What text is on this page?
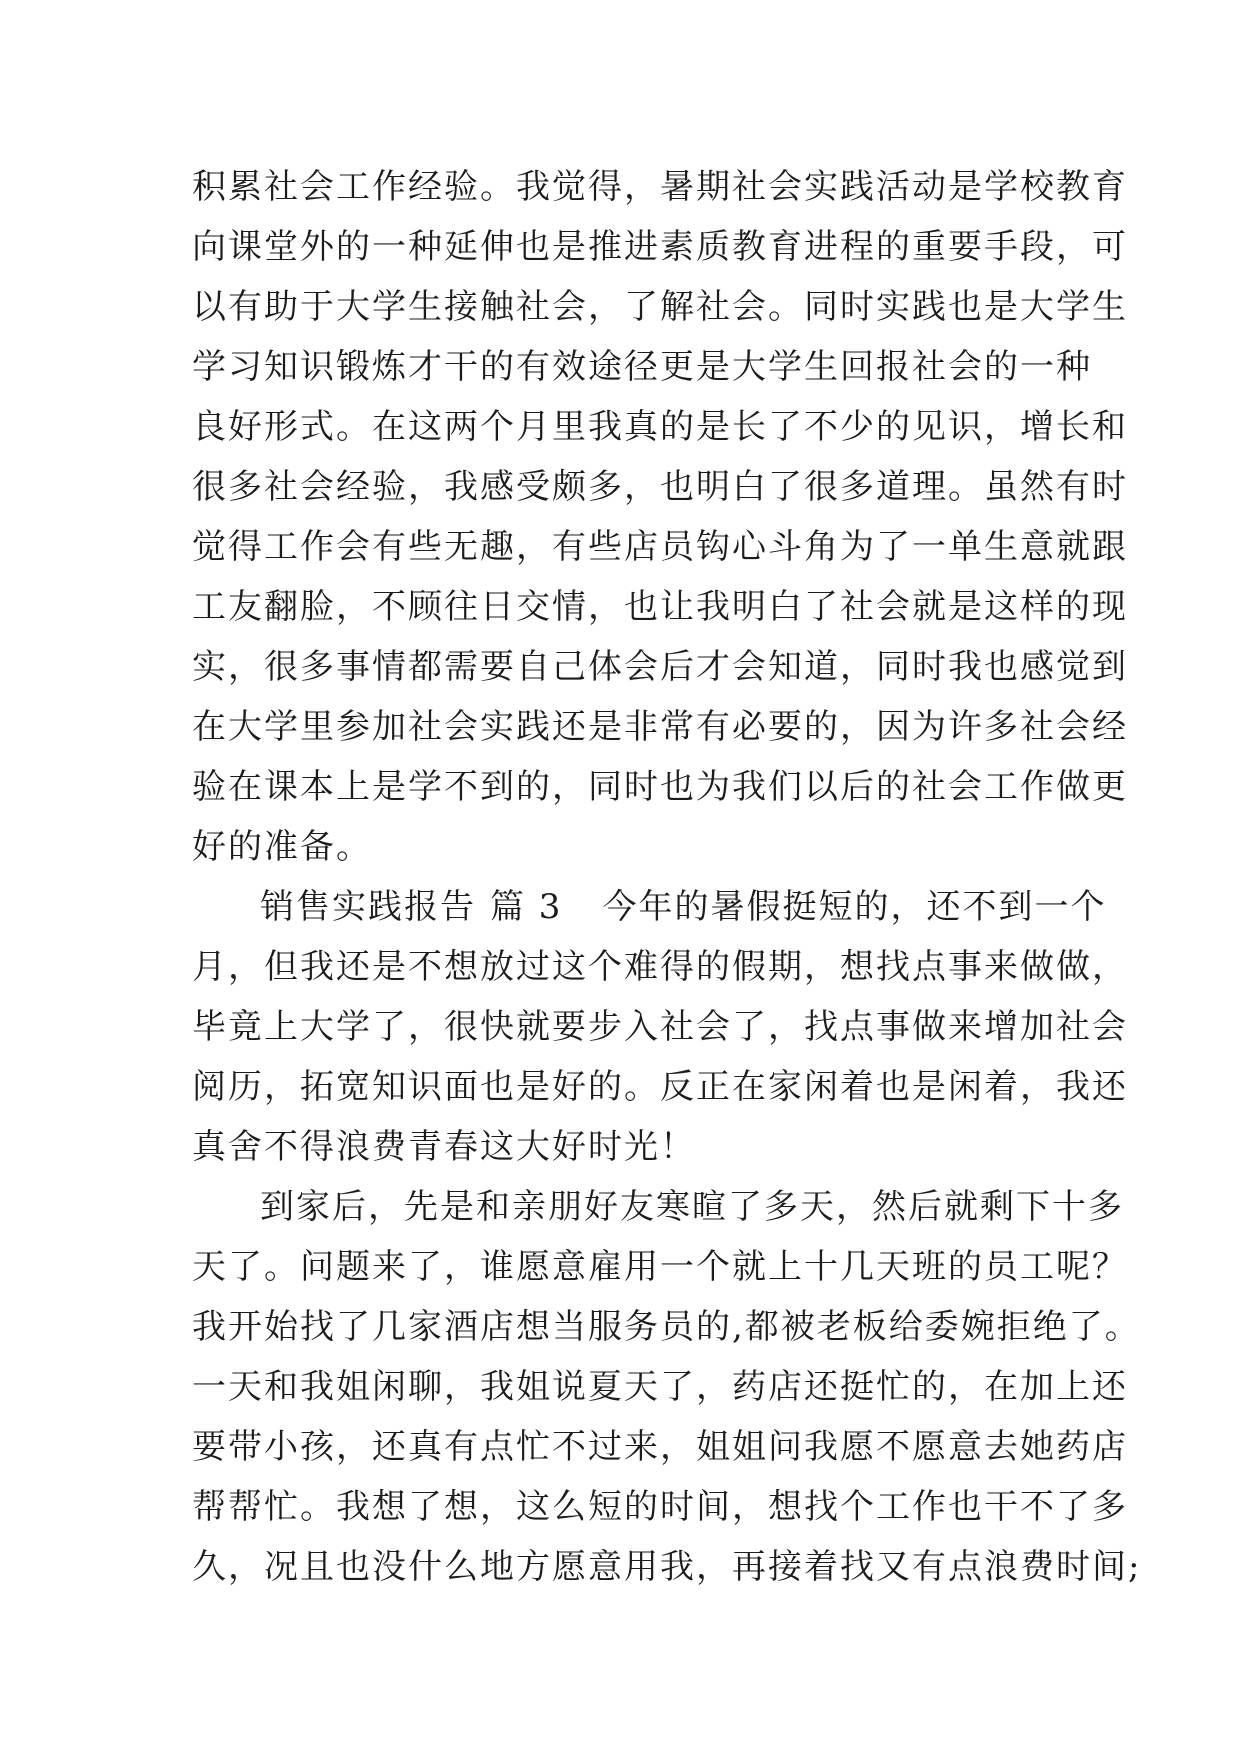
积累社会工作经验。我觉得，暑期社会实践活动是学校教育
向课堂外的一种延伸也是推进素质教育进程的重要手段，可
以有助于大学生接触社会，了解社会。同时实践也是大学生
学习知识锻炼才干的有效途径更是大学生回报社会的一种
良好形式。在这两个月里我真的是长了不少的见识，增长和
很多社会经验，我感受颇多，也明白了很多道理。虽然有时
觉得工作会有些无趣，有些店员钩心斗角为了一单生意就跟
工友翻脸，不顾往日交情，也让我明白了社会就是这样的现
实，很多事情都需要自己体会后才会知道，同时我也感觉到
在大学里参加社会实践还是非常有必要的，因为许多社会经
验在课本上是学不到的，同时也为我们以后的社会工作做更
好的准备。
销售实践报告 篇 3 今年的暑假挺短的，还不到一个
月，但我还是不想放过这个难得的假期，想找点事来做做，
毕竟上大学了，很快就要步入社会了，找点事做来增加社会
阅历，拓宽知识面也是好的。反正在家闲着也是闲着，我还
真舍不得浪费青春这大好时光！
到家后，先是和亲朋好友寒暄了多天，然后就剩下十多
天了。问题来了，谁愿意雇用一个就上十几天班的员工呢？
我开始找了几家酒店想当服务员的,都被老板给委婉拒绝了。
一天和我姐闲聊，我姐说夏天了，药店还挺忙的，在加上还
要带小孩，还真有点忙不过来，姐姐问我愿不愿意去她药店
帮帮忙。我想了想，这么短的时间，想找个工作也干不了多
久，况且也没什么地方愿意用我，再接着找又有点浪费时间;
